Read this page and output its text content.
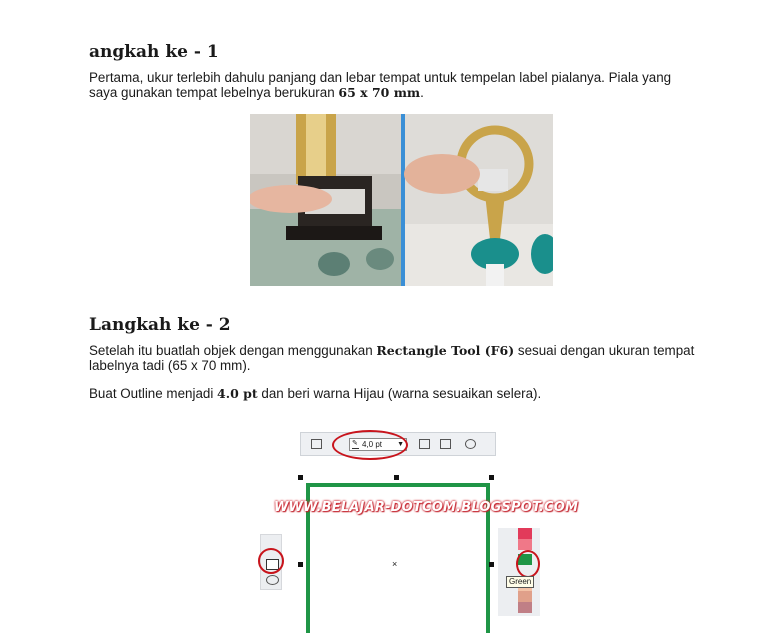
angkah ke - 1

Pertama, ukur terlebih dahulu panjang dan lebar tempat untuk tempelan label pialanya. Piala yang saya gunakan tempat lebelnya berukuran 65 x 70 mm.

Langkah ke - 2

Setelah itu buatlah objek dengan menggunakan Rectangle Tool (F6) sesuai dengan ukuran tempat labelnya tadi (65 x 70 mm).

Buat Outline menjadi 4.0 pt dan beri warna Hijau (warna sesuaikan selera).

✎ 4,0 pt ▼
×
WWW.BELAJAR-DOTCOM.BLOGSPOT.COM
Green
